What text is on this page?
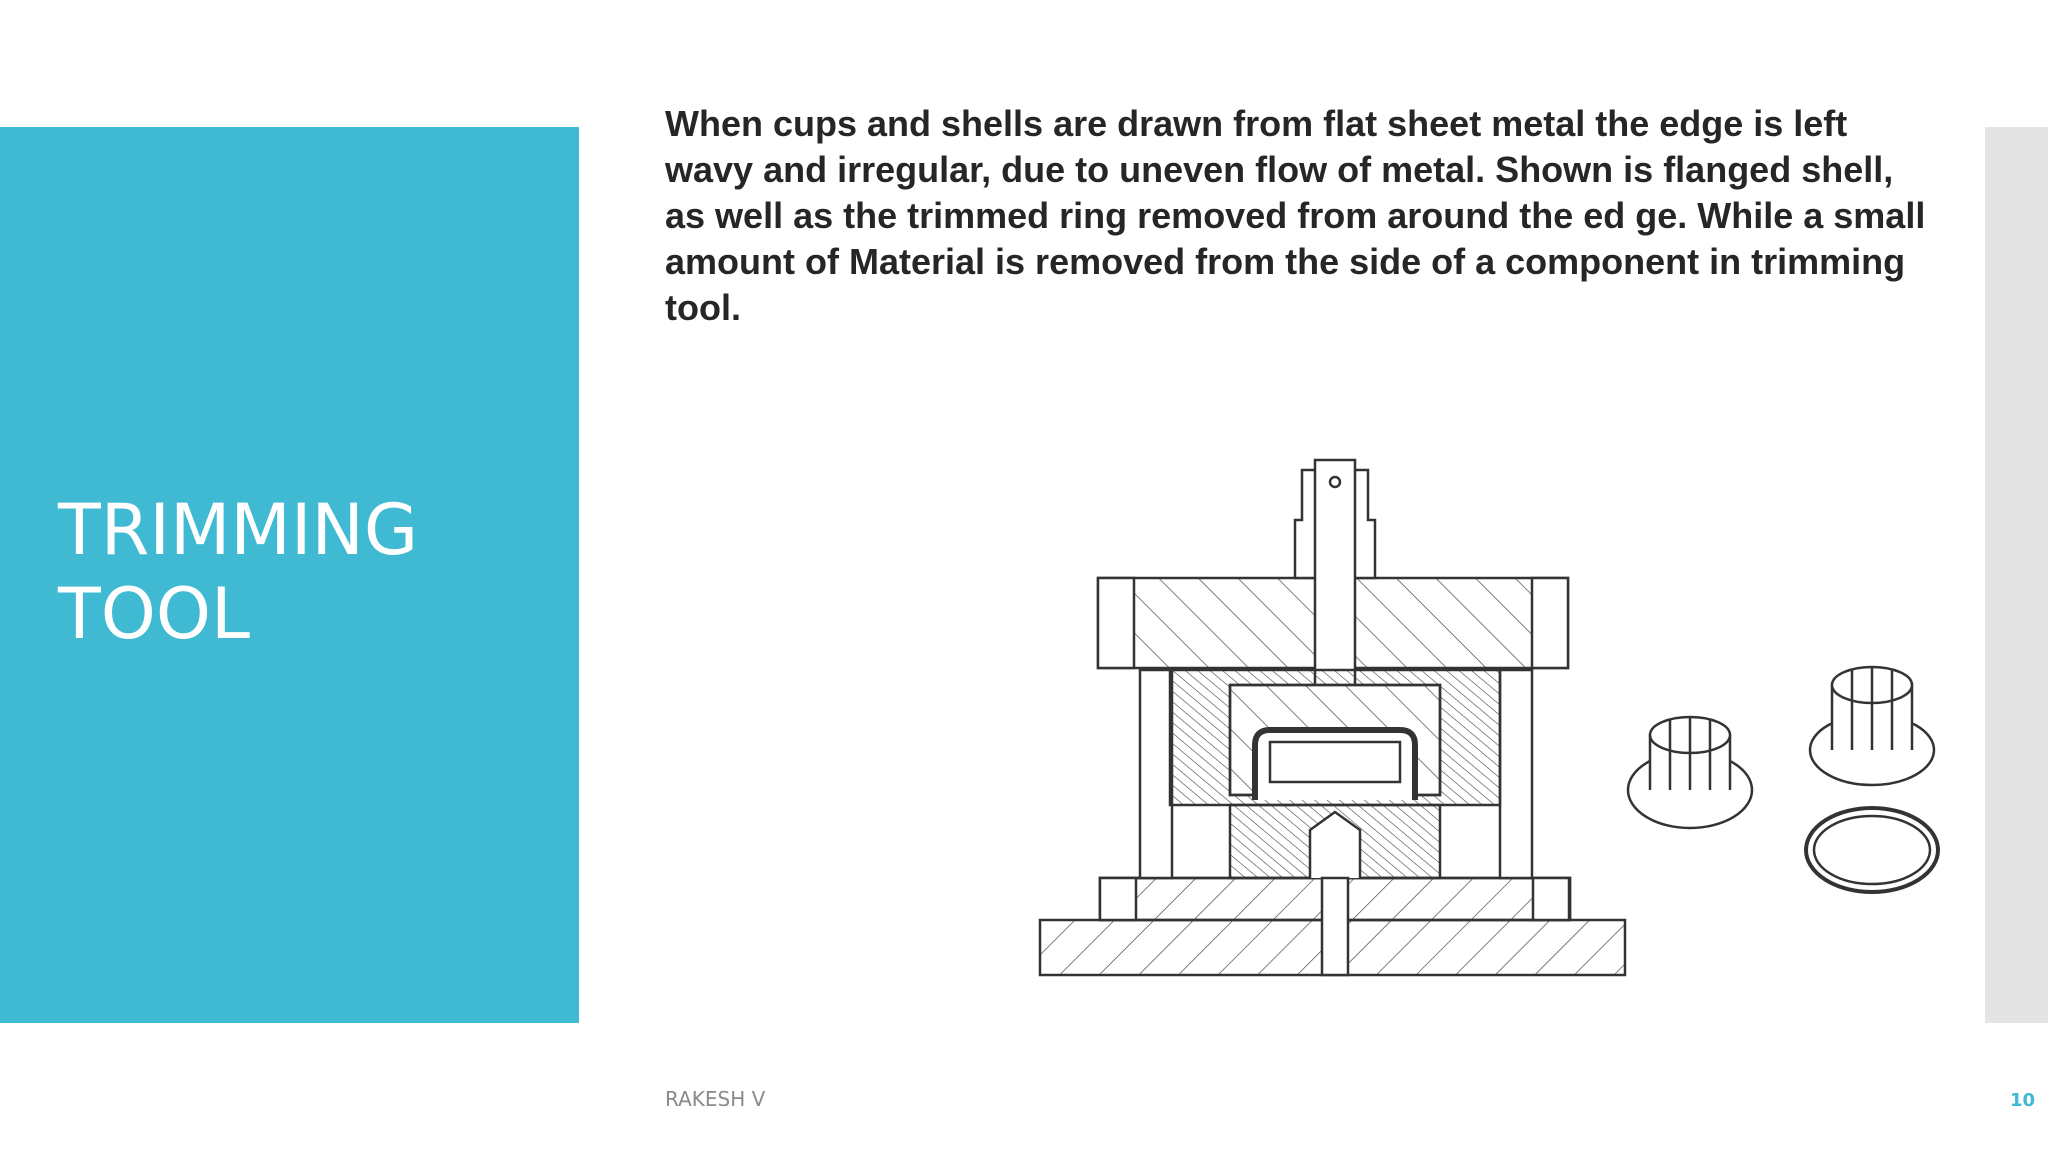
TRIMMING
TOOL

When cups and shells are drawn from flat sheet metal the edge is left wavy and irregular, due to uneven flow of metal. Shown is flanged shell, as well as the trimmed ring removed from around the ed ge. While a small amount of Material is removed from the side of a component in trimming tool.

RAKESH V	10
